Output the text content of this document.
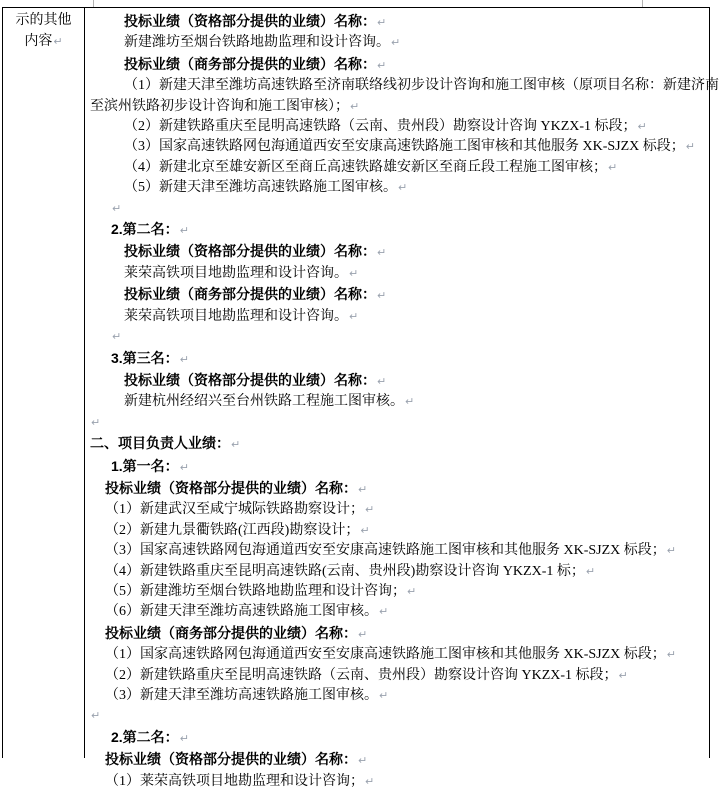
示的其他
内容↵
投标业绩（资格部分提供的业绩）名称：↵
新建潍坊至烟台铁路地勘监理和设计咨询。↵
投标业绩（商务部分提供的业绩）名称：↵
（1）新建天津至潍坊高速铁路至济南联络线初步设计咨询和施工图审核（原项目名称：新建济南
至滨州铁路初步设计咨询和施工图审核）；↵
（2）新建铁路重庆至昆明高速铁路（云南、贵州段）勘察设计咨询 YKZX-1 标段；↵
（3）国家高速铁路网包海通道西安至安康高速铁路施工图审核和其他服务 XK-SJZX 标段；↵
（4）新建北京至雄安新区至商丘高速铁路雄安新区至商丘段工程施工图审核；↵
（5）新建天津至潍坊高速铁路施工图审核。↵
↵
2.第二名：↵
投标业绩（资格部分提供的业绩）名称：↵
莱荣高铁项目地勘监理和设计咨询。↵
投标业绩（商务部分提供的业绩）名称：↵
莱荣高铁项目地勘监理和设计咨询。↵
↵
3.第三名：↵
投标业绩（资格部分提供的业绩）名称：↵
新建杭州经绍兴至台州铁路工程施工图审核。↵
↵
二、项目负责人业绩：↵
1.第一名：↵
投标业绩（资格部分提供的业绩）名称：↵
（1）新建武汉至咸宁城际铁路勘察设计；↵
（2）新建九景衢铁路(江西段)勘察设计；↵
（3）国家高速铁路网包海通道西安至安康高速铁路施工图审核和其他服务 XK-SJZX 标段；↵
（4）新建铁路重庆至昆明高速铁路(云南、贵州段)勘察设计咨询 YKZX-1 标；↵
（5）新建潍坊至烟台铁路地勘监理和设计咨询；↵
（6）新建天津至潍坊高速铁路施工图审核。↵
投标业绩（商务部分提供的业绩）名称：↵
（1）国家高速铁路网包海通道西安至安康高速铁路施工图审核和其他服务 XK-SJZX 标段；↵
（2）新建铁路重庆至昆明高速铁路（云南、贵州段）勘察设计咨询 YKZX-1 标段；↵
（3）新建天津至潍坊高速铁路施工图审核。↵
↵
2.第二名：↵
投标业绩（资格部分提供的业绩）名称：↵
（1）莱荣高铁项目地勘监理和设计咨询；↵
